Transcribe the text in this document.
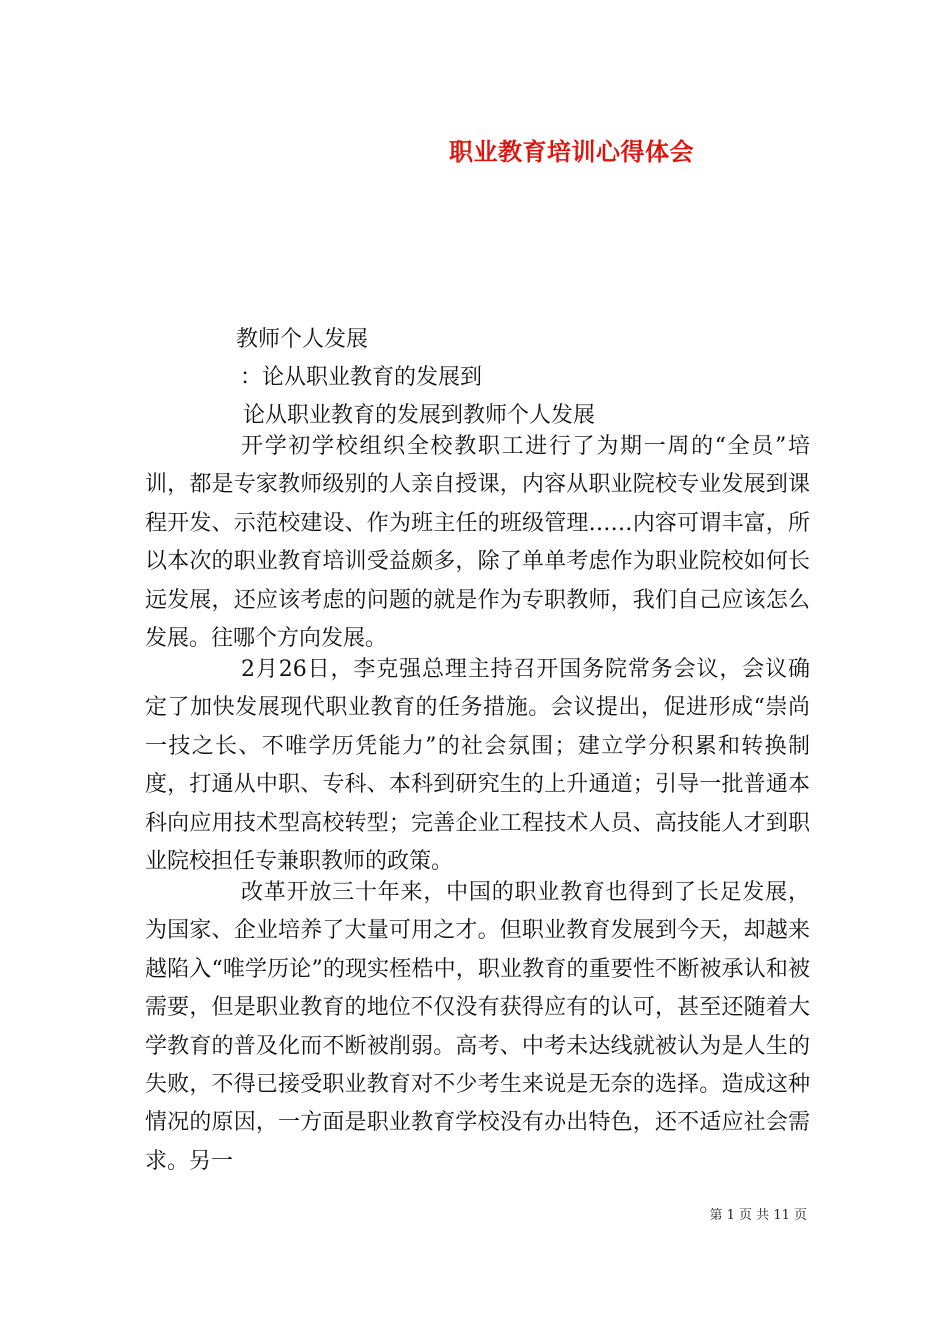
职业教育培训心得体会
教师个人发展
：论从职业教育的发展到
论从职业教育的发展到教师个人发展
开学初学校组织全校教职工进行了为期一周的“全员”培训，都是专家教师级别的人亲自授课，内容从职业院校专业发展到课程开发、示范校建设、作为班主任的班级管理……内容可谓丰富，所以本次的职业教育培训受益颇多，除了单单考虑作为职业院校如何长远发展，还应该考虑的问题的就是作为专职教师，我们自己应该怎么发展。往哪个方向发展。
2月26日，李克强总理主持召开国务院常务会议，会议确定了加快发展现代职业教育的任务措施。会议提出，促进形成“崇尚一技之长、不唯学历凭能力”的社会氛围；建立学分积累和转换制度，打通从中职、专科、本科到研究生的上升通道；引导一批普通本科向应用技术型高校转型；完善企业工程技术人员、高技能人才到职业院校担任专兼职教师的政策。
改革开放三十年来，中国的职业教育也得到了长足发展，为国家、企业培养了大量可用之才。但职业教育发展到今天，却越来越陷入“唯学历论”的现实桎梏中，职业教育的重要性不断被承认和被需要，但是职业教育的地位不仅没有获得应有的认可，甚至还随着大学教育的普及化而不断被削弱。高考、中考未达线就被认为是人生的失败，不得已接受职业教育对不少考生来说是无奈的选择。造成这种情况的原因，一方面是职业教育学校没有办出特色，还不适应社会需求。另一
第 1 页 共 11 页
